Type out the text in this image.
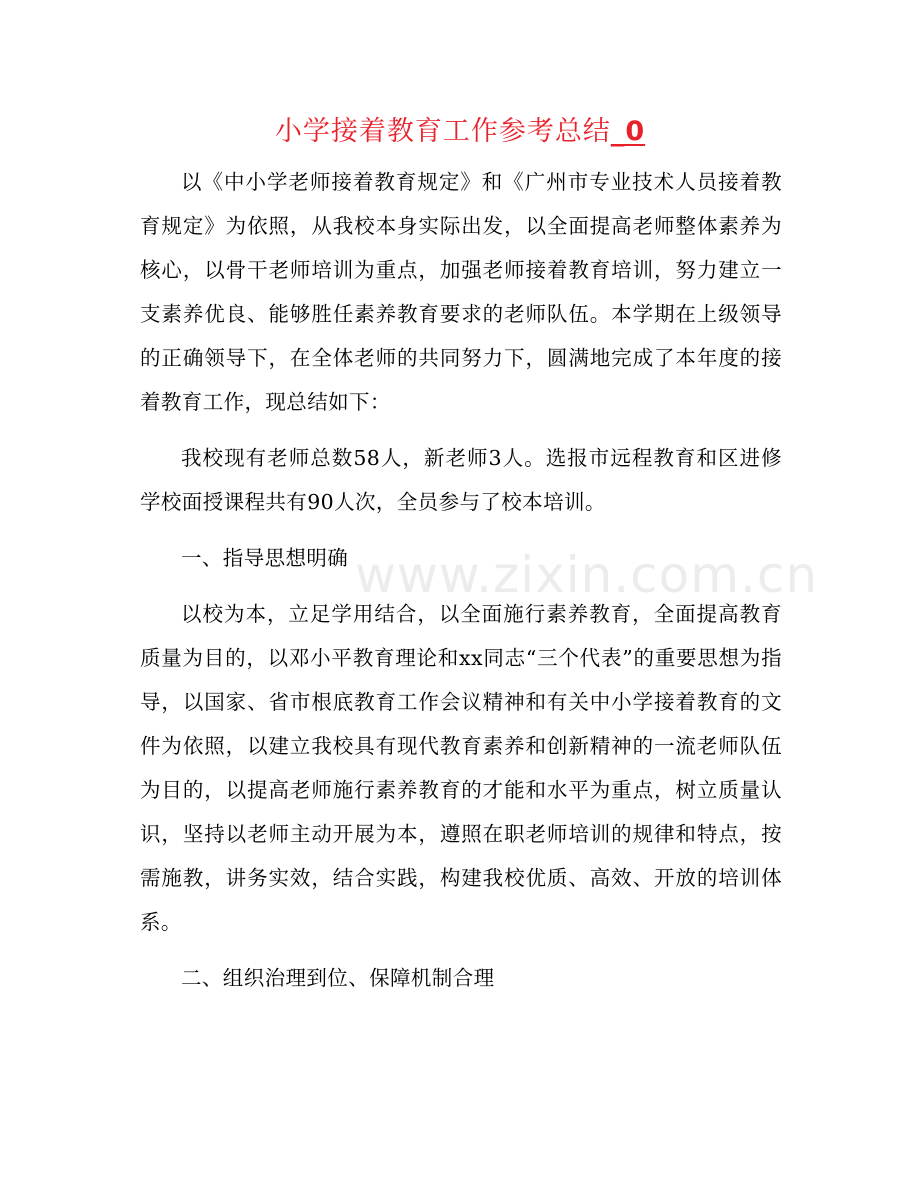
小学接着教育工作参考总结_0
www.zixin.com.cn

以《中小学老师接着教育规定》和《广州市专业技术人员接着教育规定》为依照，从我校本身实际出发，以全面提高老师整体素养为核心，以骨干老师培训为重点，加强老师接着教育培训，努力建立一支素养优良、能够胜任素养教育要求的老师队伍。本学期在上级领导的正确领导下，在全体老师的共同努力下，圆满地完成了本年度的接着教育工作，现总结如下：

我校现有老师总数58人，新老师3人。选报市远程教育和区进修学校面授课程共有90人次，全员参与了校本培训。

一、指导思想明确

以校为本，立足学用结合，以全面施行素养教育，全面提高教育质量为目的，以邓小平教育理论和xx同志“三个代表”的重要思想为指导，以国家、省市根底教育工作会议精神和有关中小学接着教育的文件为依照，以建立我校具有现代教育素养和创新精神的一流老师队伍为目的，以提高老师施行素养教育的才能和水平为重点，树立质量认识，坚持以老师主动开展为本，遵照在职老师培训的规律和特点，按需施教，讲务实效，结合实践，构建我校优质、高效、开放的培训体系。

二、组织治理到位、保障机制合理
